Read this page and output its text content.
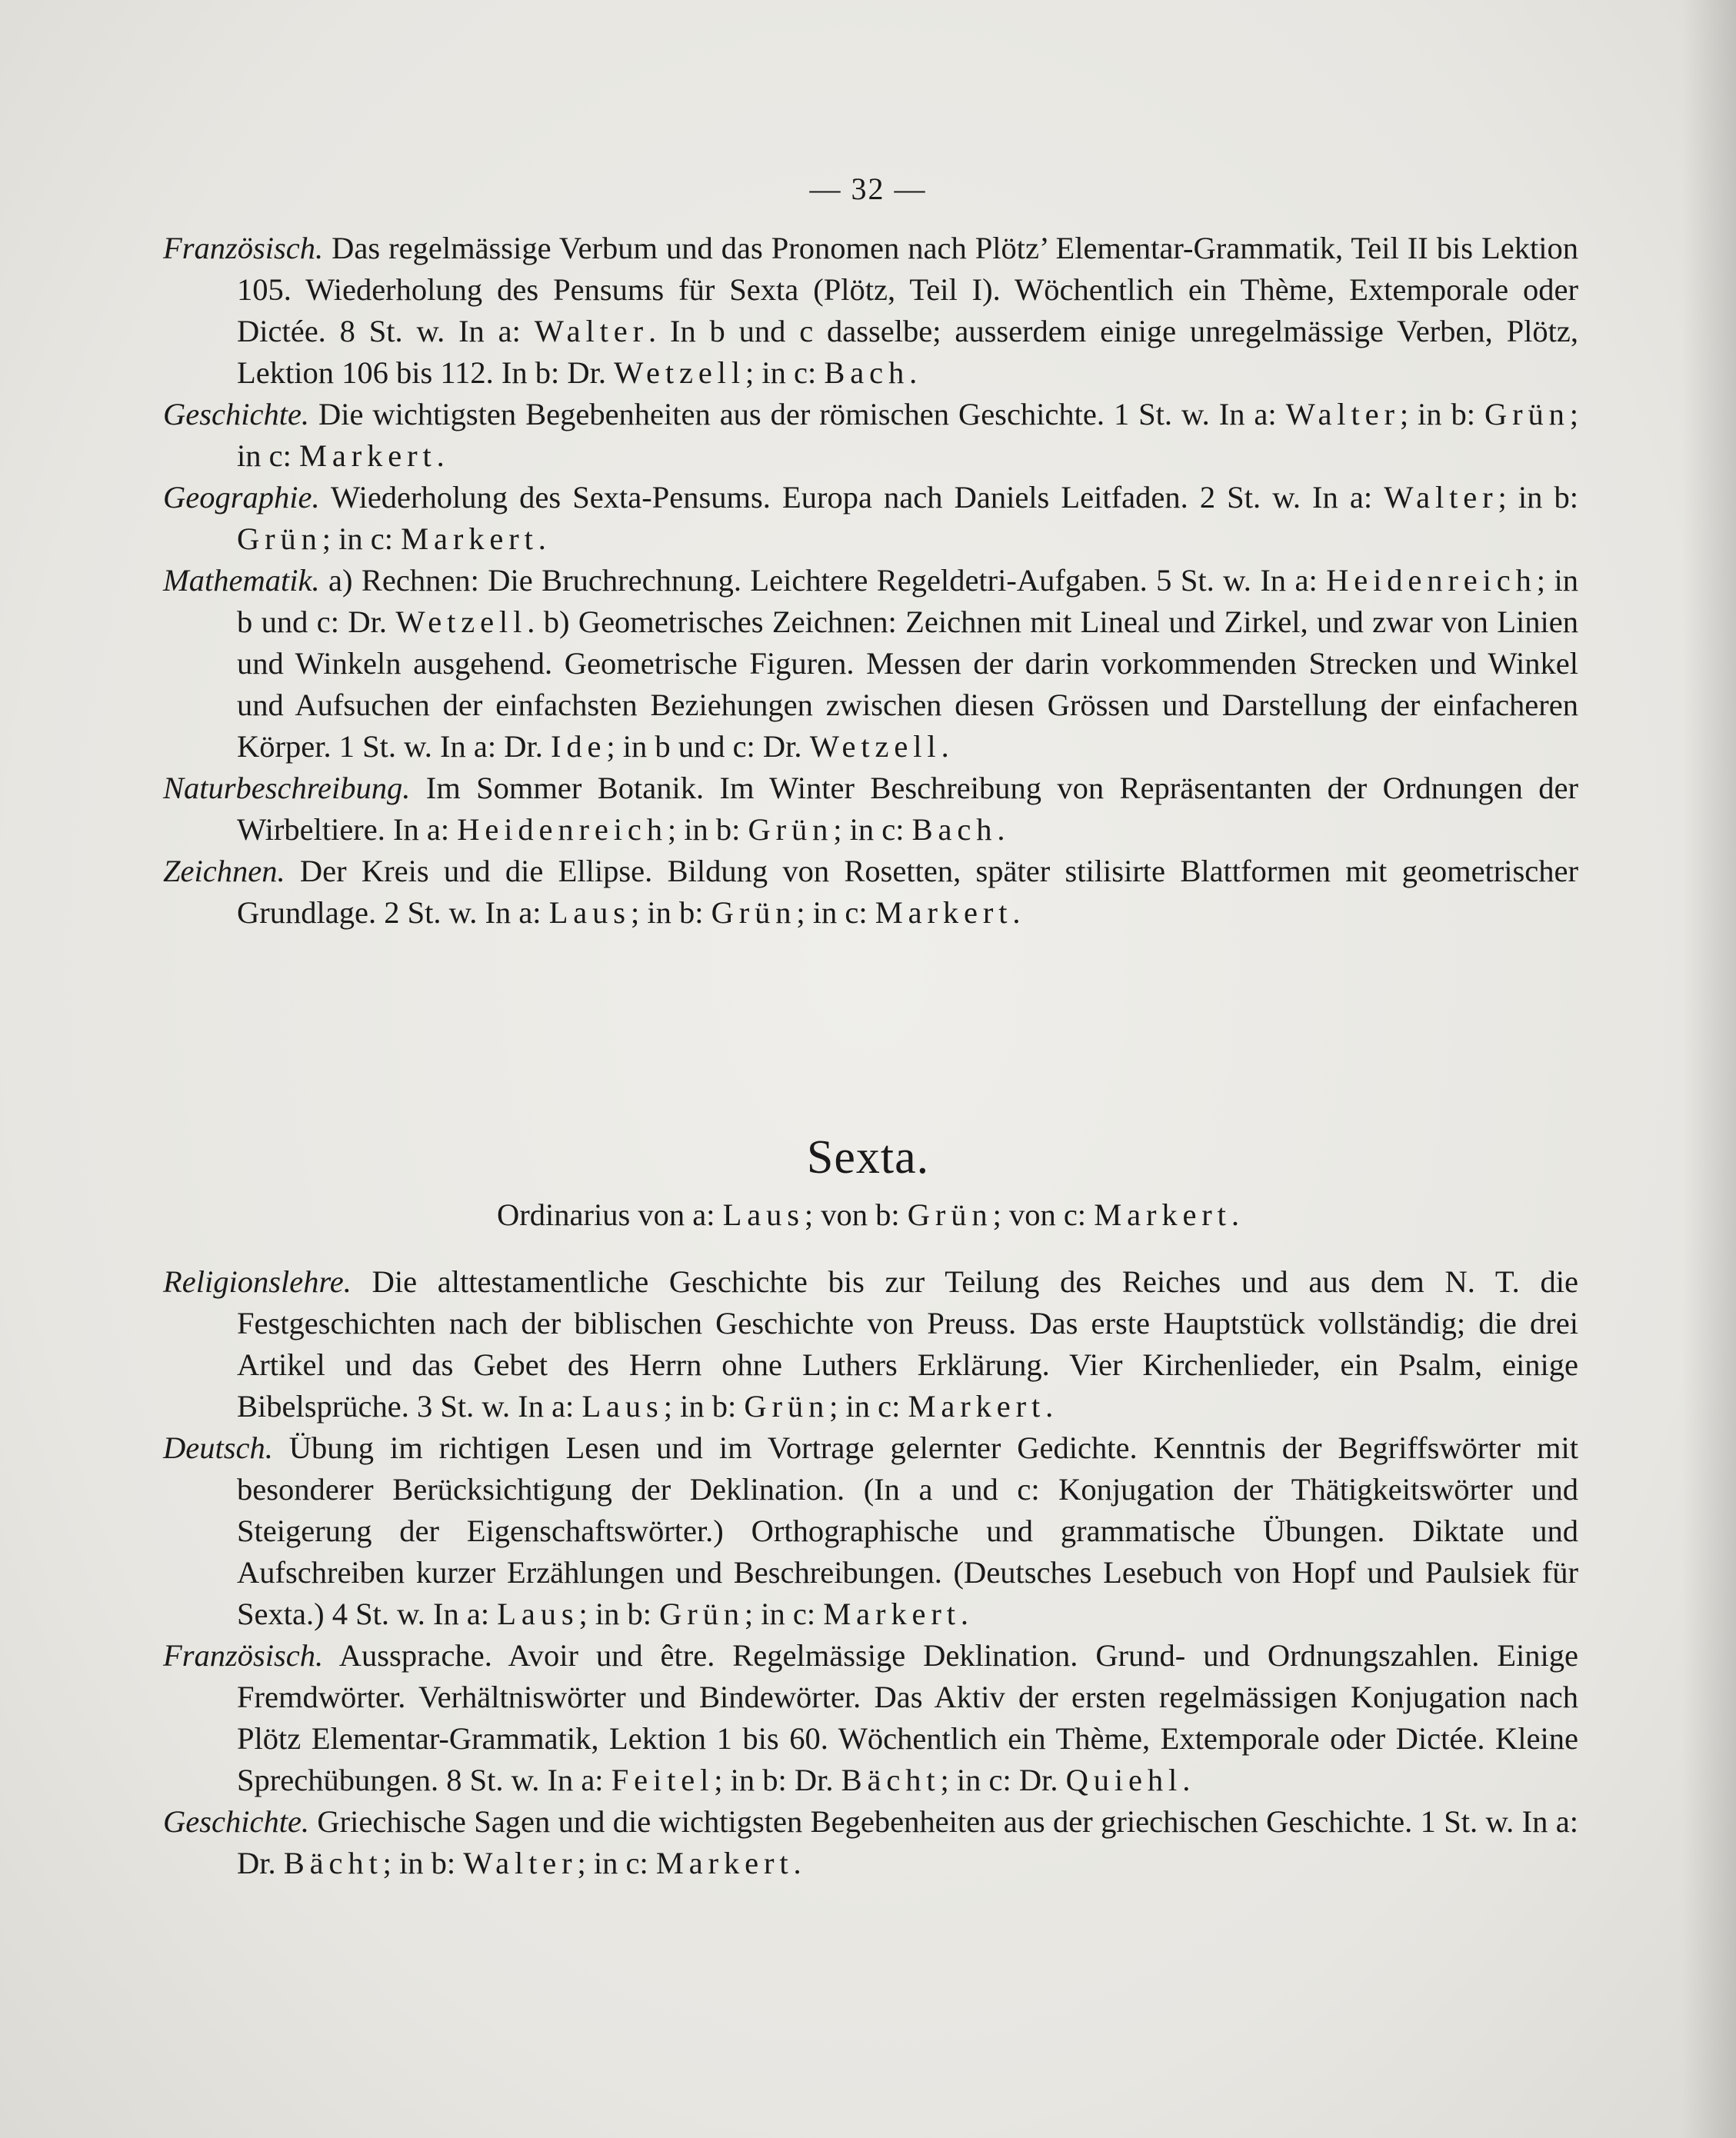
— 32 —

Französisch. Das regelmässige Verbum und das Pronomen nach Plötz’ Elementar-Grammatik, Teil II bis Lektion 105. Wiederholung des Pensums für Sexta (Plötz, Teil I). Wöchentlich ein Thème, Extemporale oder Dictée. 8 St. w. In a: Walter. In b und c dasselbe; ausserdem einige unregelmässige Verben, Plötz, Lektion 106 bis 112. In b: Dr. Wetzell; in c: Bach.

Geschichte. Die wichtigsten Begebenheiten aus der römischen Geschichte. 1 St. w. In a: Walter; in b: Grün; in c: Markert.

Geographie. Wiederholung des Sexta-Pensums. Europa nach Daniels Leitfaden. 2 St. w. In a: Walter; in b: Grün; in c: Markert.

Mathematik. a) Rechnen: Die Bruchrechnung. Leichtere Regeldetri-Aufgaben. 5 St. w. In a: Heidenreich; in b und c: Dr. Wetzell. b) Geometrisches Zeichnen: Zeichnen mit Lineal und Zirkel, und zwar von Linien und Winkeln ausgehend. Geometrische Figuren. Messen der darin vorkommenden Strecken und Winkel und Aufsuchen der einfachsten Beziehungen zwischen diesen Grössen und Darstellung der einfacheren Körper. 1 St. w. In a: Dr. Ide; in b und c: Dr. Wetzell.

Naturbeschreibung. Im Sommer Botanik. Im Winter Beschreibung von Repräsentanten der Ordnungen der Wirbeltiere. In a: Heidenreich; in b: Grün; in c: Bach.

Zeichnen. Der Kreis und die Ellipse. Bildung von Rosetten, später stilisirte Blattformen mit geometrischer Grundlage. 2 St. w. In a: Laus; in b: Grün; in c: Markert.

Sexta.
Ordinarius von a: Laus; von b: Grün; von c: Markert.

Religionslehre. Die alttestamentliche Geschichte bis zur Teilung des Reiches und aus dem N. T. die Festgeschichten nach der biblischen Geschichte von Preuss. Das erste Hauptstück vollständig; die drei Artikel und das Gebet des Herrn ohne Luthers Erklärung. Vier Kirchenlieder, ein Psalm, einige Bibelsprüche. 3 St. w. In a: Laus; in b: Grün; in c: Markert.

Deutsch. Übung im richtigen Lesen und im Vortrage gelernter Gedichte. Kenntnis der Begriffswörter mit besonderer Berücksichtigung der Deklination. (In a und c: Konjugation der Thätigkeitswörter und Steigerung der Eigenschaftswörter.) Orthographische und grammatische Übungen. Diktate und Aufschreiben kurzer Erzählungen und Beschreibungen. (Deutsches Lesebuch von Hopf und Paulsiek für Sexta.) 4 St. w. In a: Laus; in b: Grün; in c: Markert.

Französisch. Aussprache. Avoir und être. Regelmässige Deklination. Grund- und Ordnungszahlen. Einige Fremdwörter. Verhältniswörter und Bindewörter. Das Aktiv der ersten regelmässigen Konjugation nach Plötz Elementar-Grammatik, Lektion 1 bis 60. Wöchentlich ein Thème, Extemporale oder Dictée. Kleine Sprechübungen. 8 St. w. In a: Feitel; in b: Dr. Bächt; in c: Dr. Quiehl.

Geschichte. Griechische Sagen und die wichtigsten Begebenheiten aus der griechischen Geschichte. 1 St. w. In a: Dr. Bächt; in b: Walter; in c: Markert.
